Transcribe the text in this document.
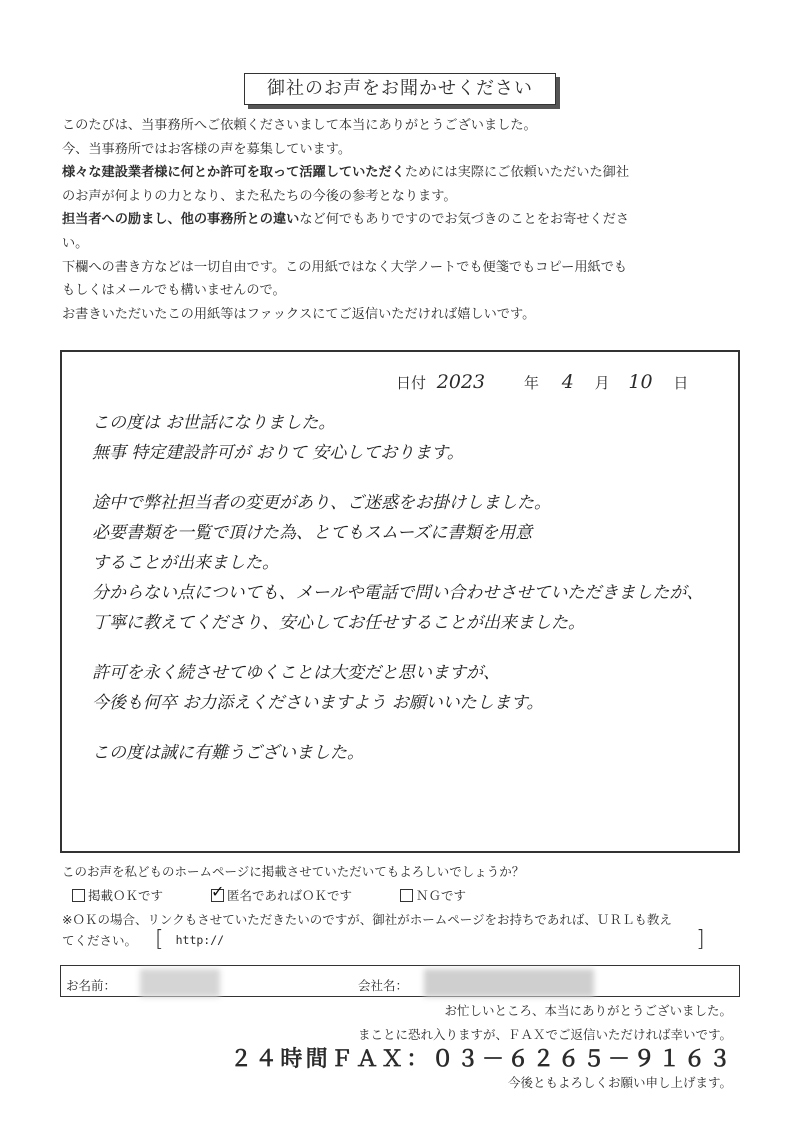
御社のお声をお聞かせください

このたびは、当事務所へご依頼くださいまして本当にありがとうございました。

今、当事務所ではお客様の声を募集しています。

様々な建設業者様に何とか許可を取って活躍していただくためには実際にご依頼いただいた御社

のお声が何よりの力となり、また私たちの今後の参考となります。

担当者への励まし、他の事務所との違いなど何でもありですのでお気づきのことをお寄せくださ

い。

下欄への書き方などは一切自由です。この用紙ではなく大学ノートでも便箋でもコピー用紙でも

もしくはメールでも構いませんので。

お書きいただいたこの用紙等はファックスにてご返信いただければ嬉しいです。

日付 2023	年 4 月 10 日

この度は お世話になりました。

無事 特定建設許可が おりて 安心しております。

途中で弊社担当者の変更があり、ご迷惑をお掛けしました。

必要書類を一覧で頂けた為、とてもスムーズに書類を用意

することが出来ました。

分からない点についても、メールや電話で問い合わせさせていただきましたが、

丁寧に教えてくださり、安心してお任せすることが出来ました。

許可を永く続させてゆくことは大変だと思いますが、

今後も何卒 お力添えくださいますよう お願いいたします。

この度は誠に有難うございました。

このお声を私どものホームページに掲載させていただいてもよろしいでしょうか？
掲載ＯＫです
✓	匿名であればＯＫです	ＮＧです
※ＯＫの場合、リンクもさせていただきたいのですが、御社がホームページをお持ちであれば、ＵＲＬも教え
てください。 [ http://	]
お名前：	会社名：
お忙しいところ、本当にありがとうございました。
まことに恐れ入りますが、ＦＡＸでご返信いただければ幸いです。
２４時間ＦＡＸ：０３－６２６５－９１６３
今後ともよろしくお願い申し上げます。
